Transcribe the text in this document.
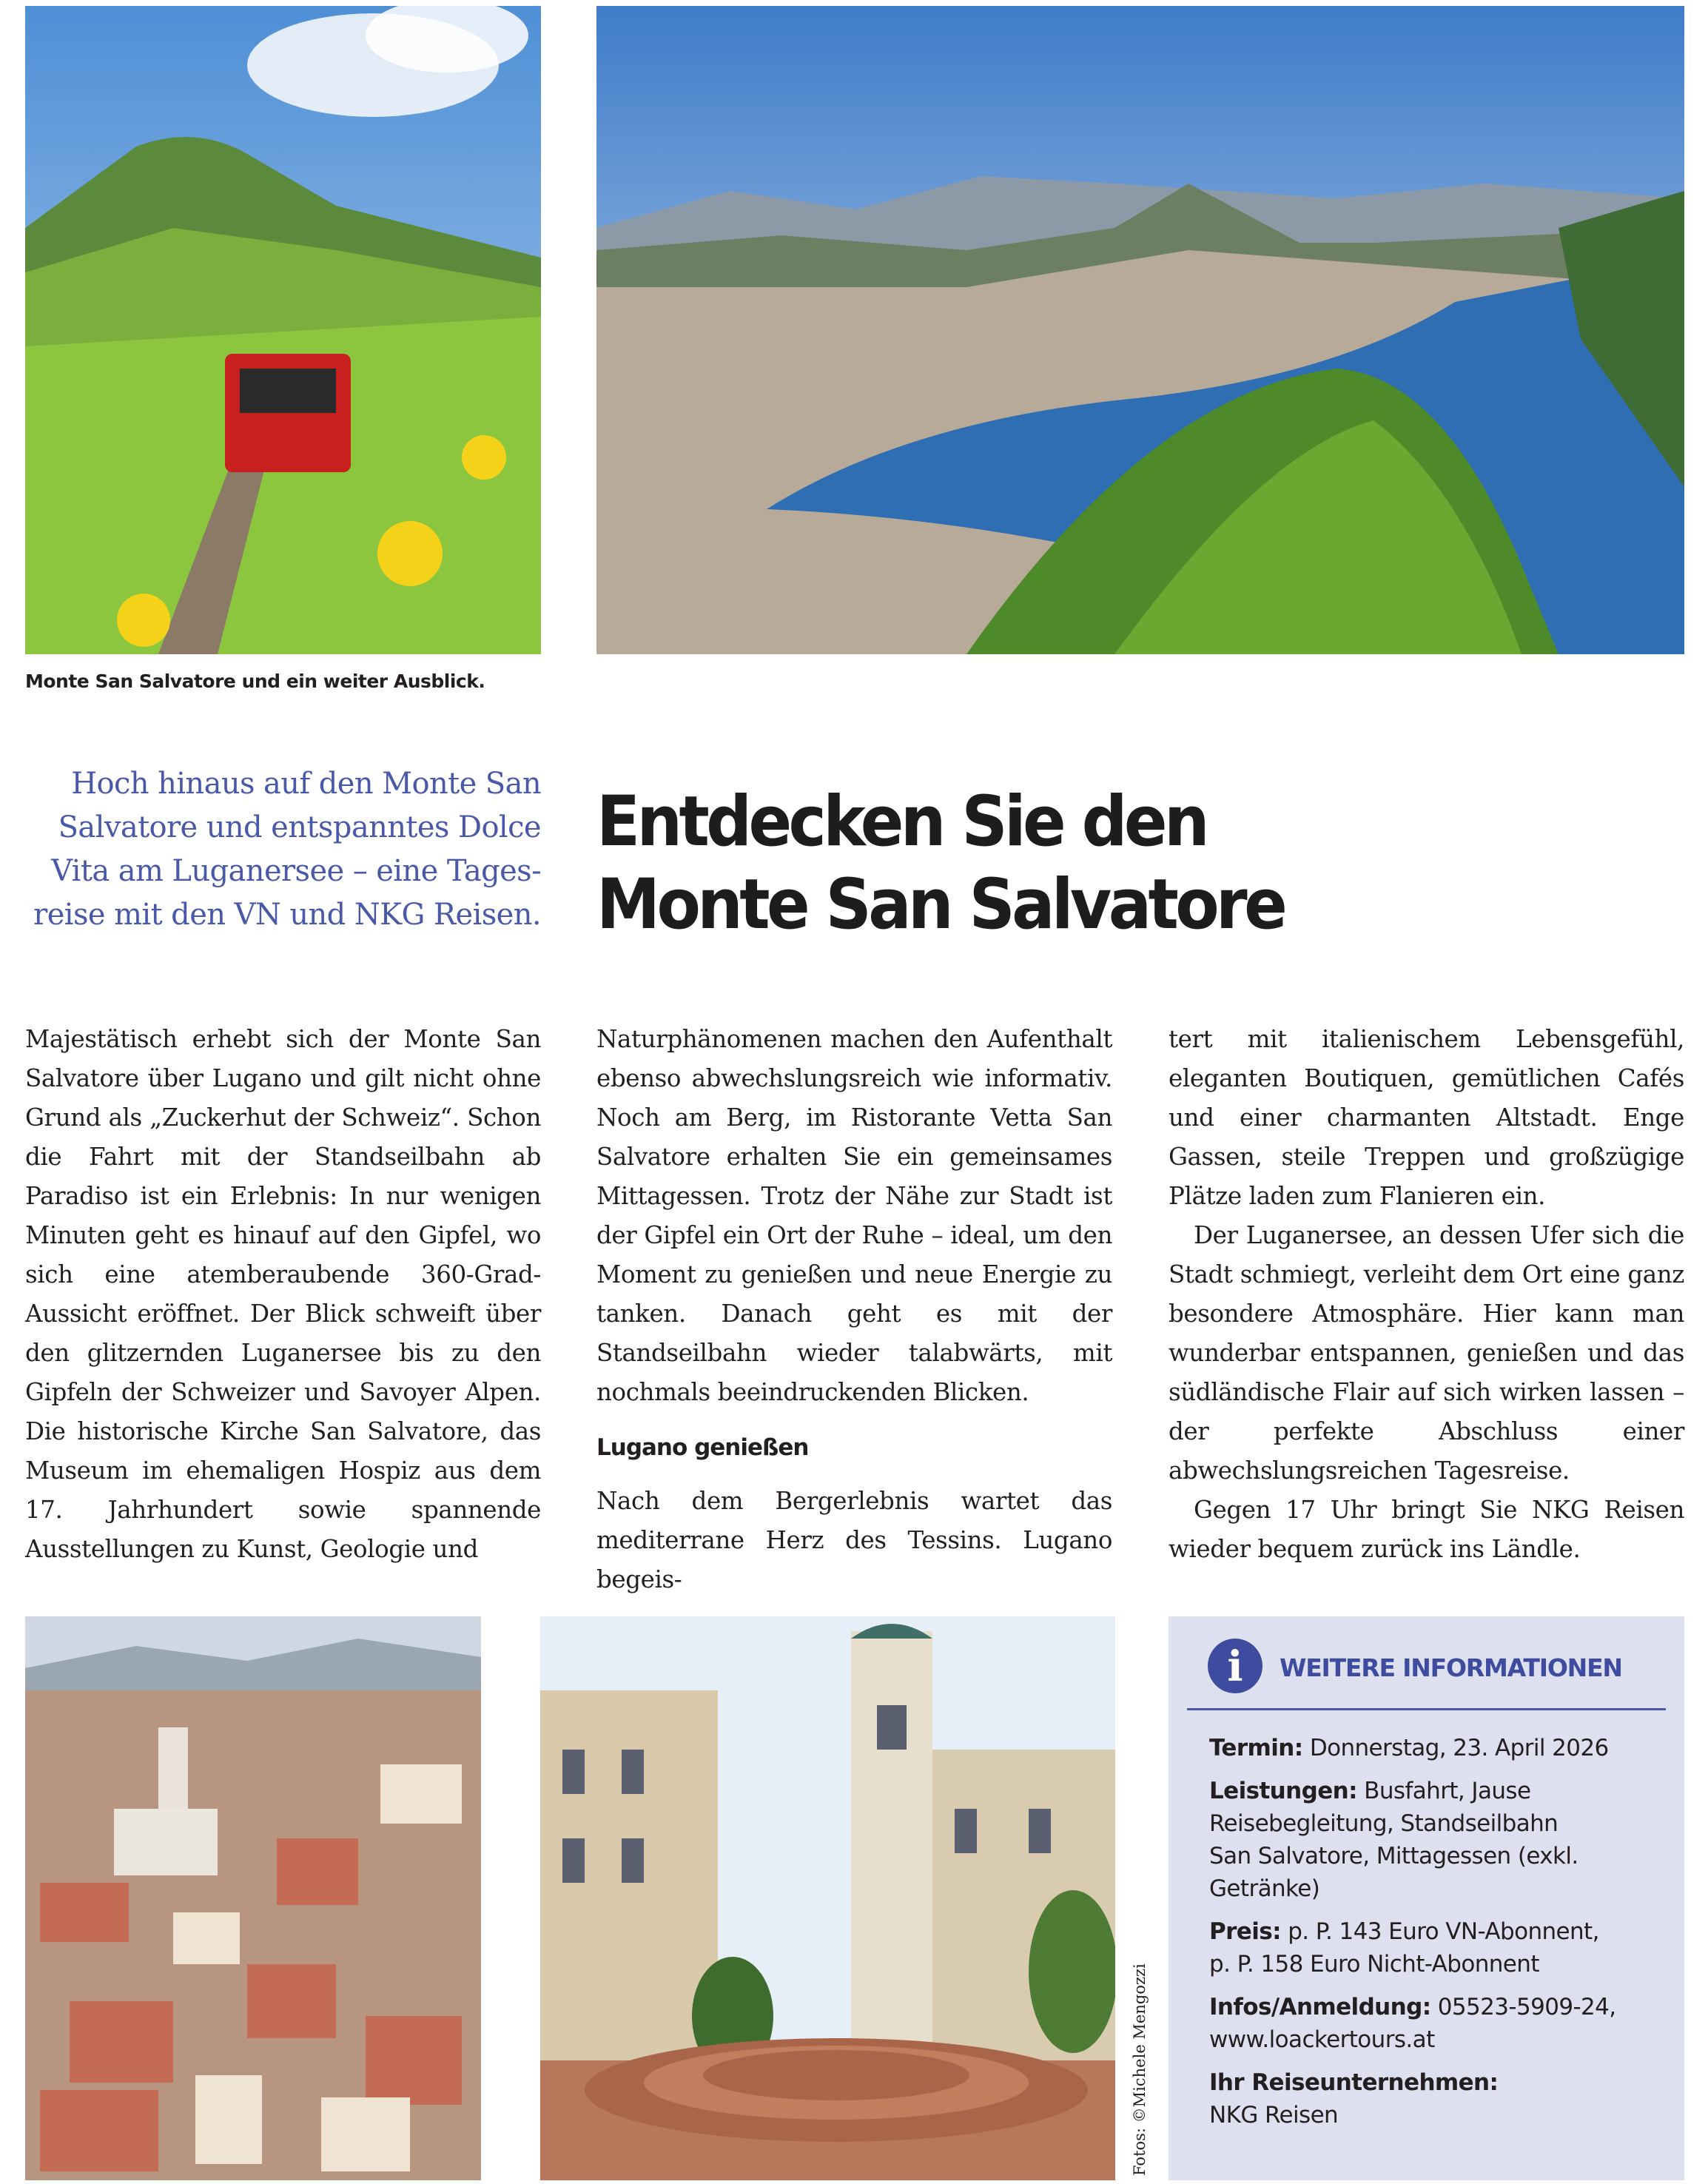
Monte San Salvatore und ein weiter Ausblick.
Hoch hinaus auf den Monte San
Salvatore und entspanntes Dolce
Vita am Luganersee – eine Tages-
reise mit den VN und NKG Reisen.
Entdecken Sie den
Monte San Salvatore

Majestätisch erhebt sich der Monte San Salvatore über Lugano und gilt nicht ohne Grund als „Zuckerhut der Schweiz“. Schon die Fahrt mit der Standseilbahn ab Paradiso ist ein Erlebnis: In nur wenigen Minuten geht es hinauf auf den Gipfel, wo sich eine atemberaubende 360-Grad-Aussicht eröffnet. Der Blick schweift über den glitzernden Luganersee bis zu den Gipfeln der Schweizer und Savoyer Alpen. Die historische Kirche San Salvatore, das Museum im ehemaligen Hospiz aus dem 17. Jahrhundert sowie spannende Ausstellungen zu Kunst, Geologie und

Naturphänomenen machen den Aufenthalt ebenso abwechslungsreich wie informativ. Noch am Berg, im Ristorante Vetta San Salvatore erhalten Sie ein gemeinsames Mittagessen. Trotz der Nähe zur Stadt ist der Gipfel ein Ort der Ruhe – ideal, um den Moment zu genießen und neue Energie zu tanken. Danach geht es mit der Standseilbahn wieder talabwärts, mit nochmals beeindruckenden Blicken.

Lugano genießen

Nach dem Bergerlebnis wartet das mediterrane Herz des Tessins. Lugano begeis-

tert mit italienischem Lebensgefühl, eleganten Boutiquen, gemütlichen Cafés und einer charmanten Altstadt. Enge Gassen, steile Treppen und großzügige Plätze laden zum Flanieren ein.

Der Luganersee, an dessen Ufer sich die Stadt schmiegt, verleiht dem Ort eine ganz besondere Atmosphäre. Hier kann man wunderbar entspannen, genießen und das südländische Flair auf sich wirken lassen – der perfekte Abschluss einer abwechslungsreichen Tagesreise.

Gegen 17 Uhr bringt Sie NKG Reisen wieder bequem zurück ins Ländle.

i	WEITERE INFORMATIONEN
Termin: Donnerstag, 23. April 2026
Leistungen: Busfahrt, Jause
Reisebegleitung, Standseilbahn
San Salvatore, Mittagessen (exkl.
Getränke)
Preis: p. P. 143 Euro VN-Abonnent,
p. P. 158 Euro Nicht-Abonnent
Infos/Anmeldung: 05523-5909-24,
www.loackertours.at
Ihr Reiseunternehmen:
NKG Reisen
Fotos: ©Michele Mengozzi
